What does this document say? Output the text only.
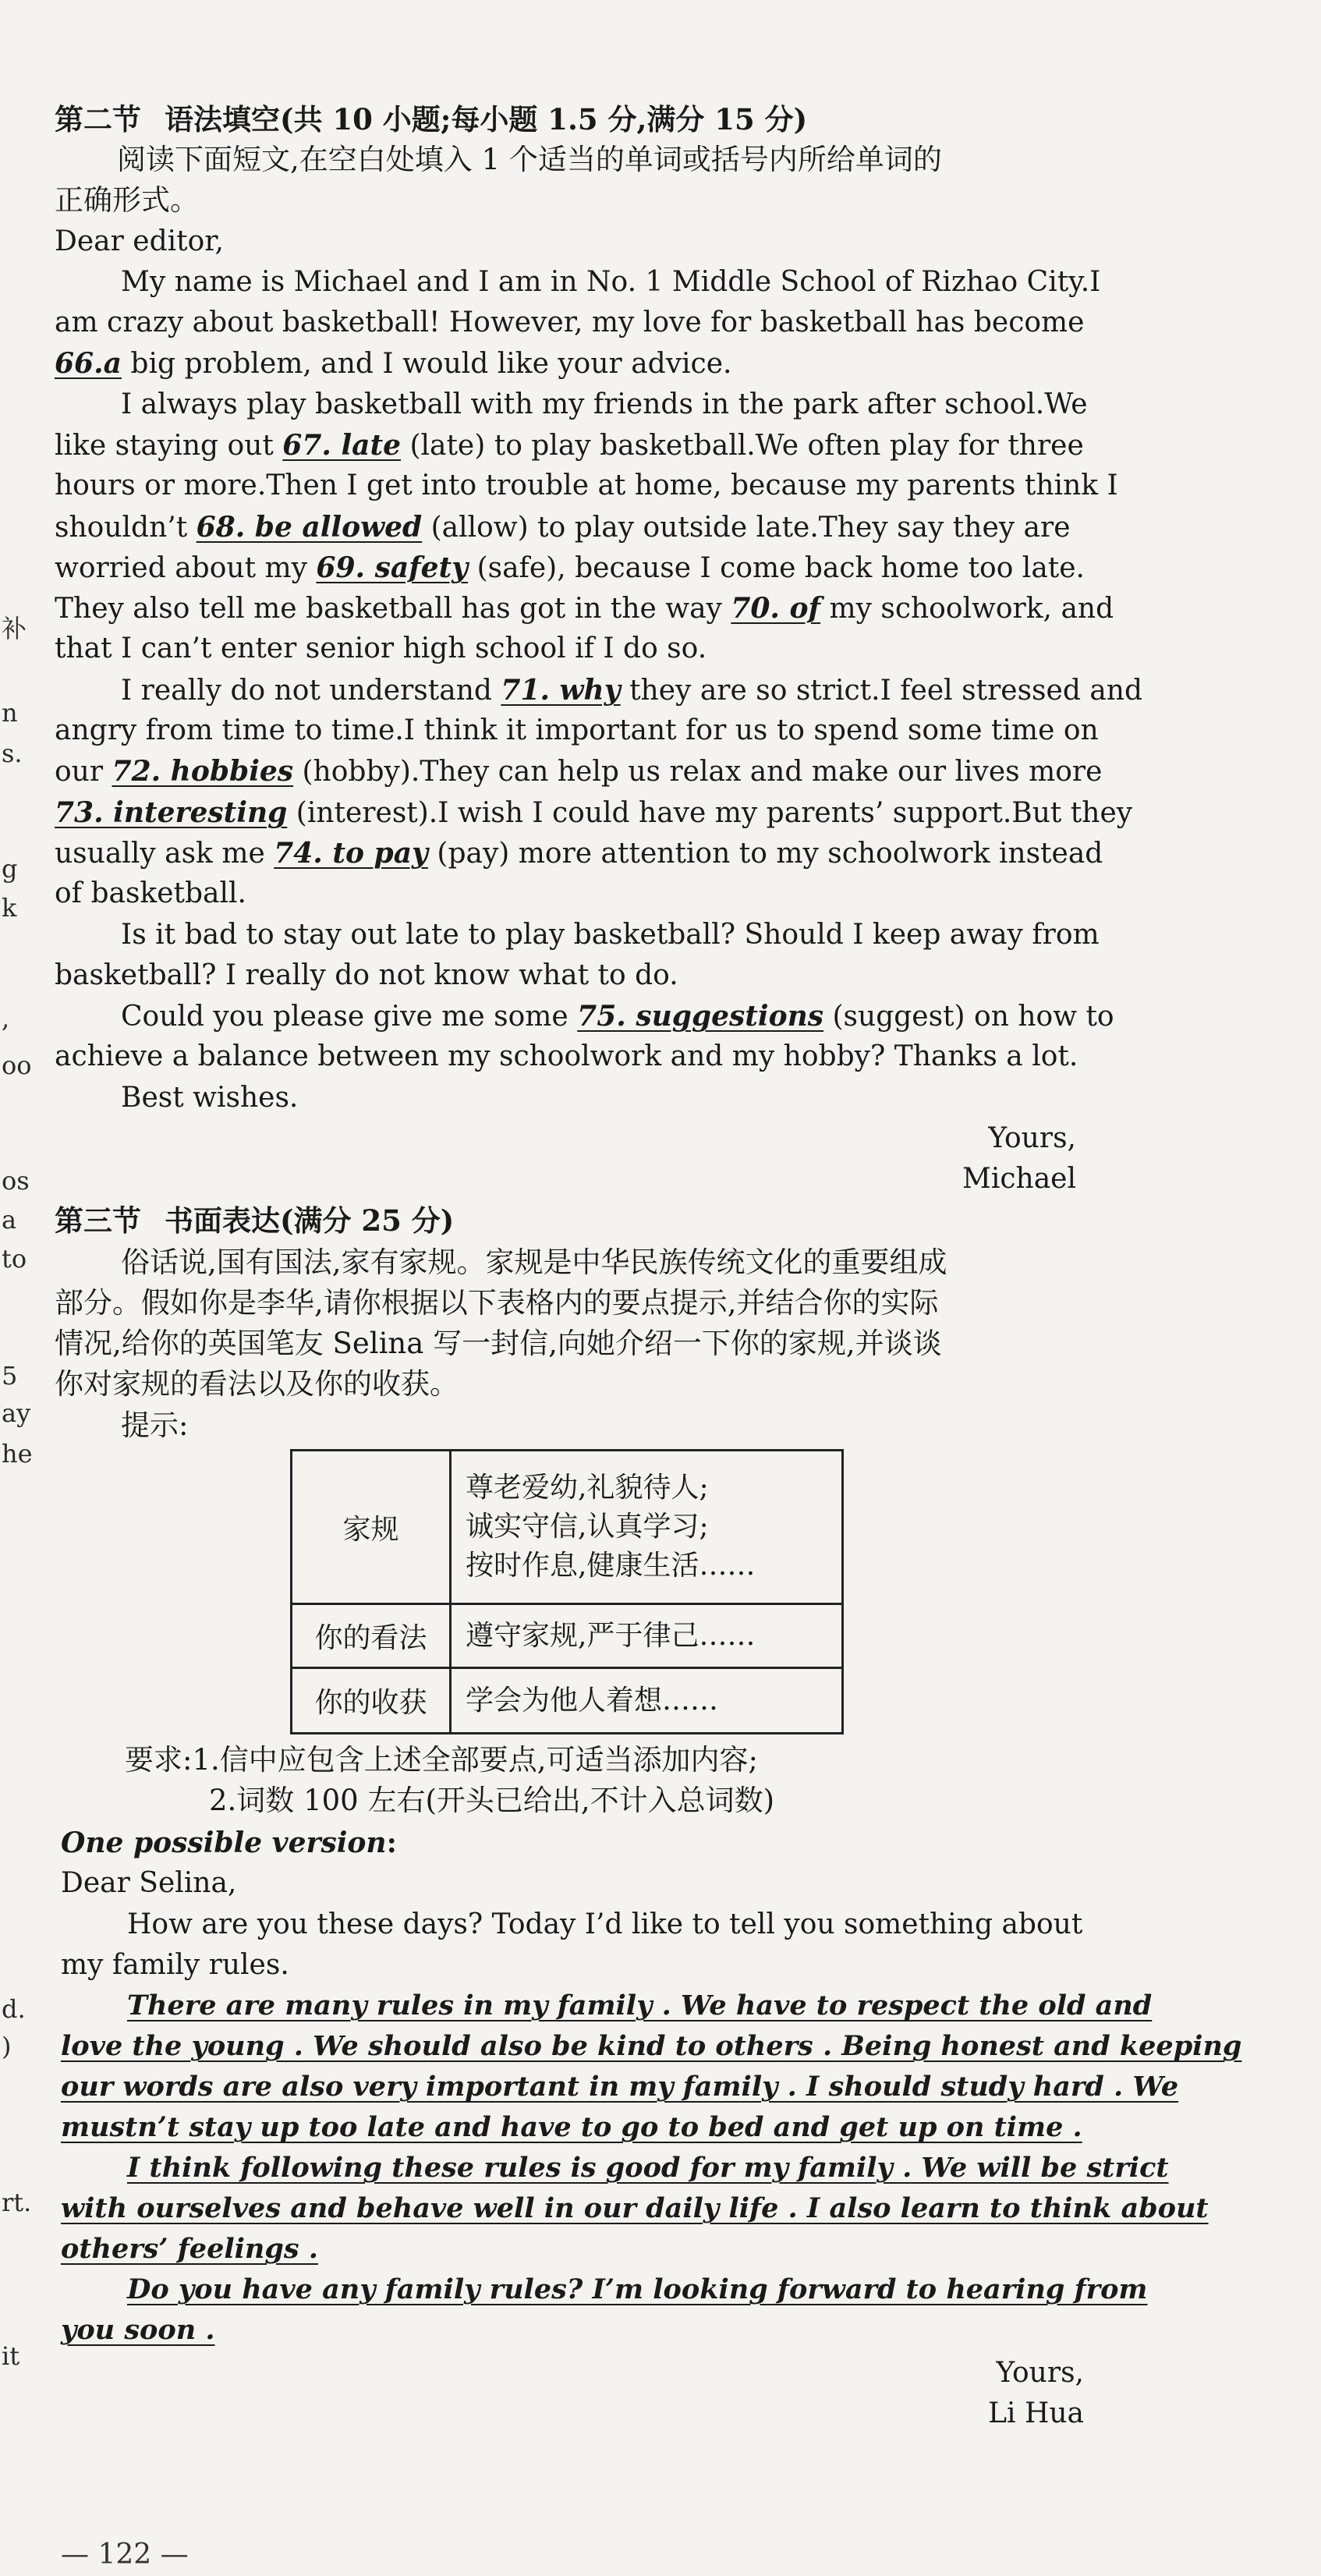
补
n
s.
g
k
,
oo
os
a
to
5
ay
he
d.
)
rt.
it
第二节 语法填空(共 10 小题;每小题 1.5 分,满分 15 分)
阅读下面短文,在空白处填入 1 个适当的单词或括号内所给单词的
正确形式。
Dear editor,
My name is Michael and I am in No. 1 Middle School of Rizhao City.I
am crazy about basketball! However, my love for basketball has become
66.a big problem, and I would like your advice.
I always play basketball with my friends in the park after school.We
like staying out 67. late (late) to play basketball.We often play for three
hours or more.Then I get into trouble at home, because my parents think I
shouldn’t 68. be allowed (allow) to play outside late.They say they are
worried about my 69. safety (safe), because I come back home too late.
They also tell me basketball has got in the way 70. of my schoolwork, and
that I can’t enter senior high school if I do so.
I really do not understand 71. why they are so strict.I feel stressed and
angry from time to time.I think it important for us to spend some time on
our 72. hobbies (hobby).They can help us relax and make our lives more
73. interesting (interest).I wish I could have my parents’ support.But they
usually ask me 74. to pay (pay) more attention to my schoolwork instead
of basketball.
Is it bad to stay out late to play basketball? Should I keep away from
basketball? I really do not know what to do.
Could you please give me some 75. suggestions (suggest) on how to
achieve a balance between my schoolwork and my hobby? Thanks a lot.
Best wishes.
Yours,
Michael
第三节 书面表达(满分 25 分)
俗话说,国有国法,家有家规。家规是中华民族传统文化的重要组成
部分。假如你是李华,请你根据以下表格内的要点提示,并结合你的实际
情况,给你的英国笔友 Selina 写一封信,向她介绍一下你的家规,并谈谈
你对家规的看法以及你的收获。
提示:
家规	尊老爱幼,礼貌待人;
诚实守信,认真学习;
按时作息,健康生活……

你的看法	遵守家规,严于律己……
你的收获	学会为他人着想……
要求:1.信中应包含上述全部要点,可适当添加内容;
2.词数 100 左右(开头已给出,不计入总词数)
One possible version:
Dear Selina,
How are you these days? Today I’d like to tell you something about
my family rules.
There are many rules in my family . We have to respect the old and
love the young . We should also be kind to others . Being honest and keeping
our words are also very important in my family . I should study hard . We
mustn’t stay up too late and have to go to bed and get up on time .
I think following these rules is good for my family . We will be strict
with ourselves and behave well in our daily life . I also learn to think about
others’ feelings .
Do you have any family rules? I’m looking forward to hearing from
you soon .
Yours,
Li Hua
— 122 —
